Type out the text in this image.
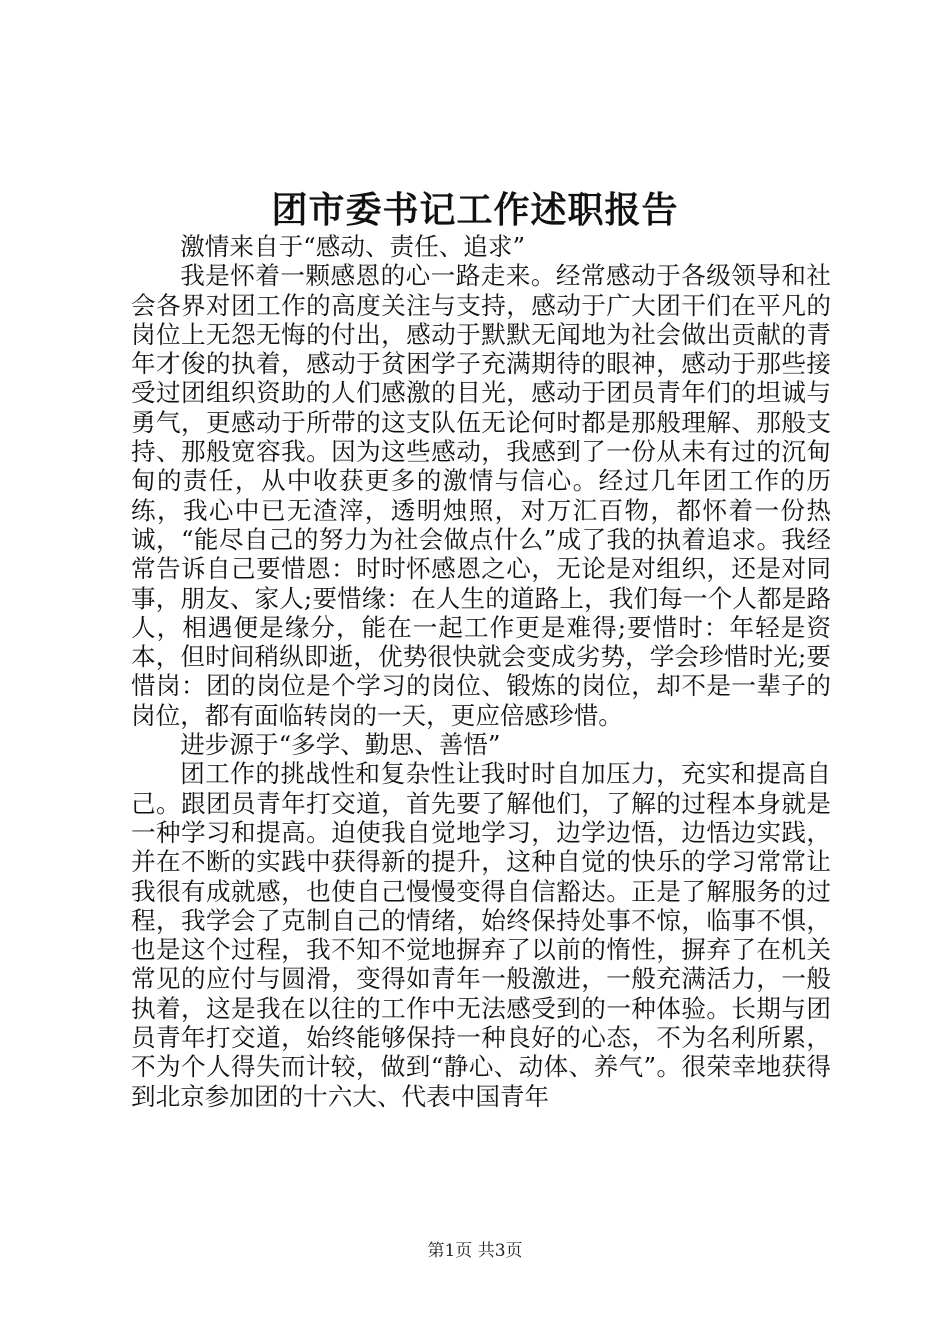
团市委书记工作述职报告

激情来自于“感动、责任、追求”

我是怀着一颗感恩的心一路走来。经常感动于各级领导和社会各界对团工作的高度关注与支持，感动于广大团干们在平凡的岗位上无怨无悔的付出，感动于默默无闻地为社会做出贡献的青年才俊的执着，感动于贫困学子充满期待的眼神，感动于那些接受过团组织资助的人们感激的目光，感动于团员青年们的坦诚与勇气，更感动于所带的这支队伍无论何时都是那般理解、那般支持、那般宽容我。因为这些感动，我感到了一份从未有过的沉甸甸的责任，从中收获更多的激情与信心。经过几年团工作的历练，我心中已无渣滓，透明烛照，对万汇百物，都怀着一份热诚，“能尽自己的努力为社会做点什么”成了我的执着追求。我经常告诉自己要惜恩：时时怀感恩之心，无论是对组织，还是对同事，朋友、家人;要惜缘：在人生的道路上，我们每一个人都是路人，相遇便是缘分，能在一起工作更是难得;要惜时：年轻是资本，但时间稍纵即逝，优势很快就会变成劣势，学会珍惜时光;要惜岗：团的岗位是个学习的岗位、锻炼的岗位，却不是一辈子的岗位，都有面临转岗的一天，更应倍感珍惜。

进步源于“多学、勤思、善悟”

团工作的挑战性和复杂性让我时时自加压力，充实和提高自己。跟团员青年打交道，首先要了解他们，了解的过程本身就是一种学习和提高。迫使我自觉地学习，边学边悟，边悟边实践，并在不断的实践中获得新的提升，这种自觉的快乐的学习常常让我很有成就感，也使自己慢慢变得自信豁达。正是了解服务的过程，我学会了克制自己的情绪，始终保持处事不惊，临事不惧，也是这个过程，我不知不觉地摒弃了以前的惰性，摒弃了在机关常见的应付与圆滑，变得如青年一般激进，一般充满活力，一般执着，这是我在以往的工作中无法感受到的一种体验。长期与团员青年打交道，始终能够保持一种良好的心态，不为名利所累，不为个人得失而计较，做到“静心、动体、养气”。很荣幸地获得到北京参加团的十六大、代表中国青年

第1页 共3页
